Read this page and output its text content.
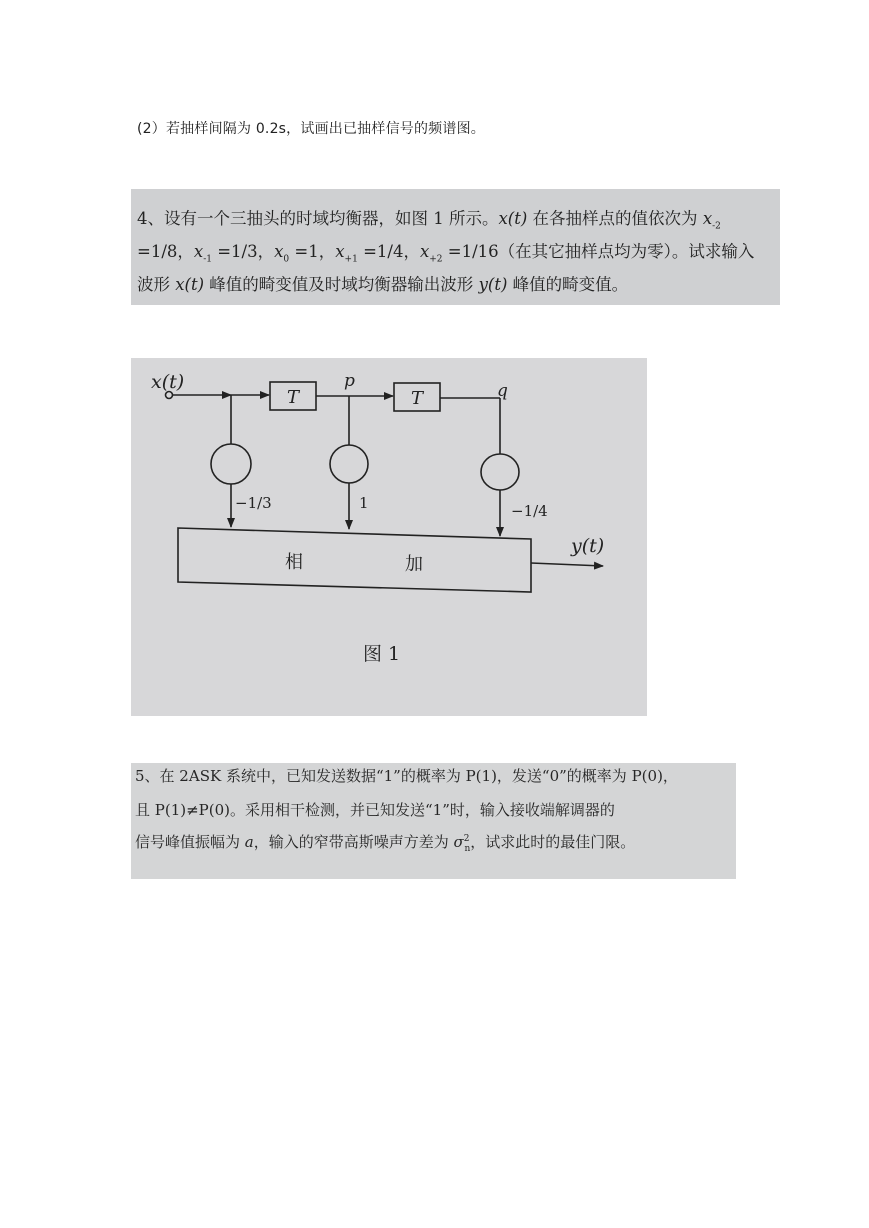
(2）若抽样间隔为 0.2s，试画出已抽样信号的频谱图。
4、设有一个三抽头的时域均衡器，如图 1 所示。x(t) 在各抽样点的值依次为 $x_{-2}$
=1/8，$x_{-1} =1/3$，$x_0 =1$，$x_{+1} =1/4$，$x_{+2} =1/16$（在其它抽样点均为零）。试求输入
波形 x(t) 峰值的畸变值及时域均衡器输出波形 y(t) 峰值的畸变值。
x(t)
T	T
p	q
−1/3	1	−1/4
相	加
y(t)
图 1
5、在 2ASK 系统中，已知发送数据“1”的概率为 P(1)，发送“0”的概率为 P(0)，
且 P(1)≠P(0)。采用相干检测，并已知发送“1”时，输入接收端解调器的
信号峰值振幅为 a，输入的窄带高斯噪声方差为 $\sigma^2_n$，试求此时的最佳门限。
